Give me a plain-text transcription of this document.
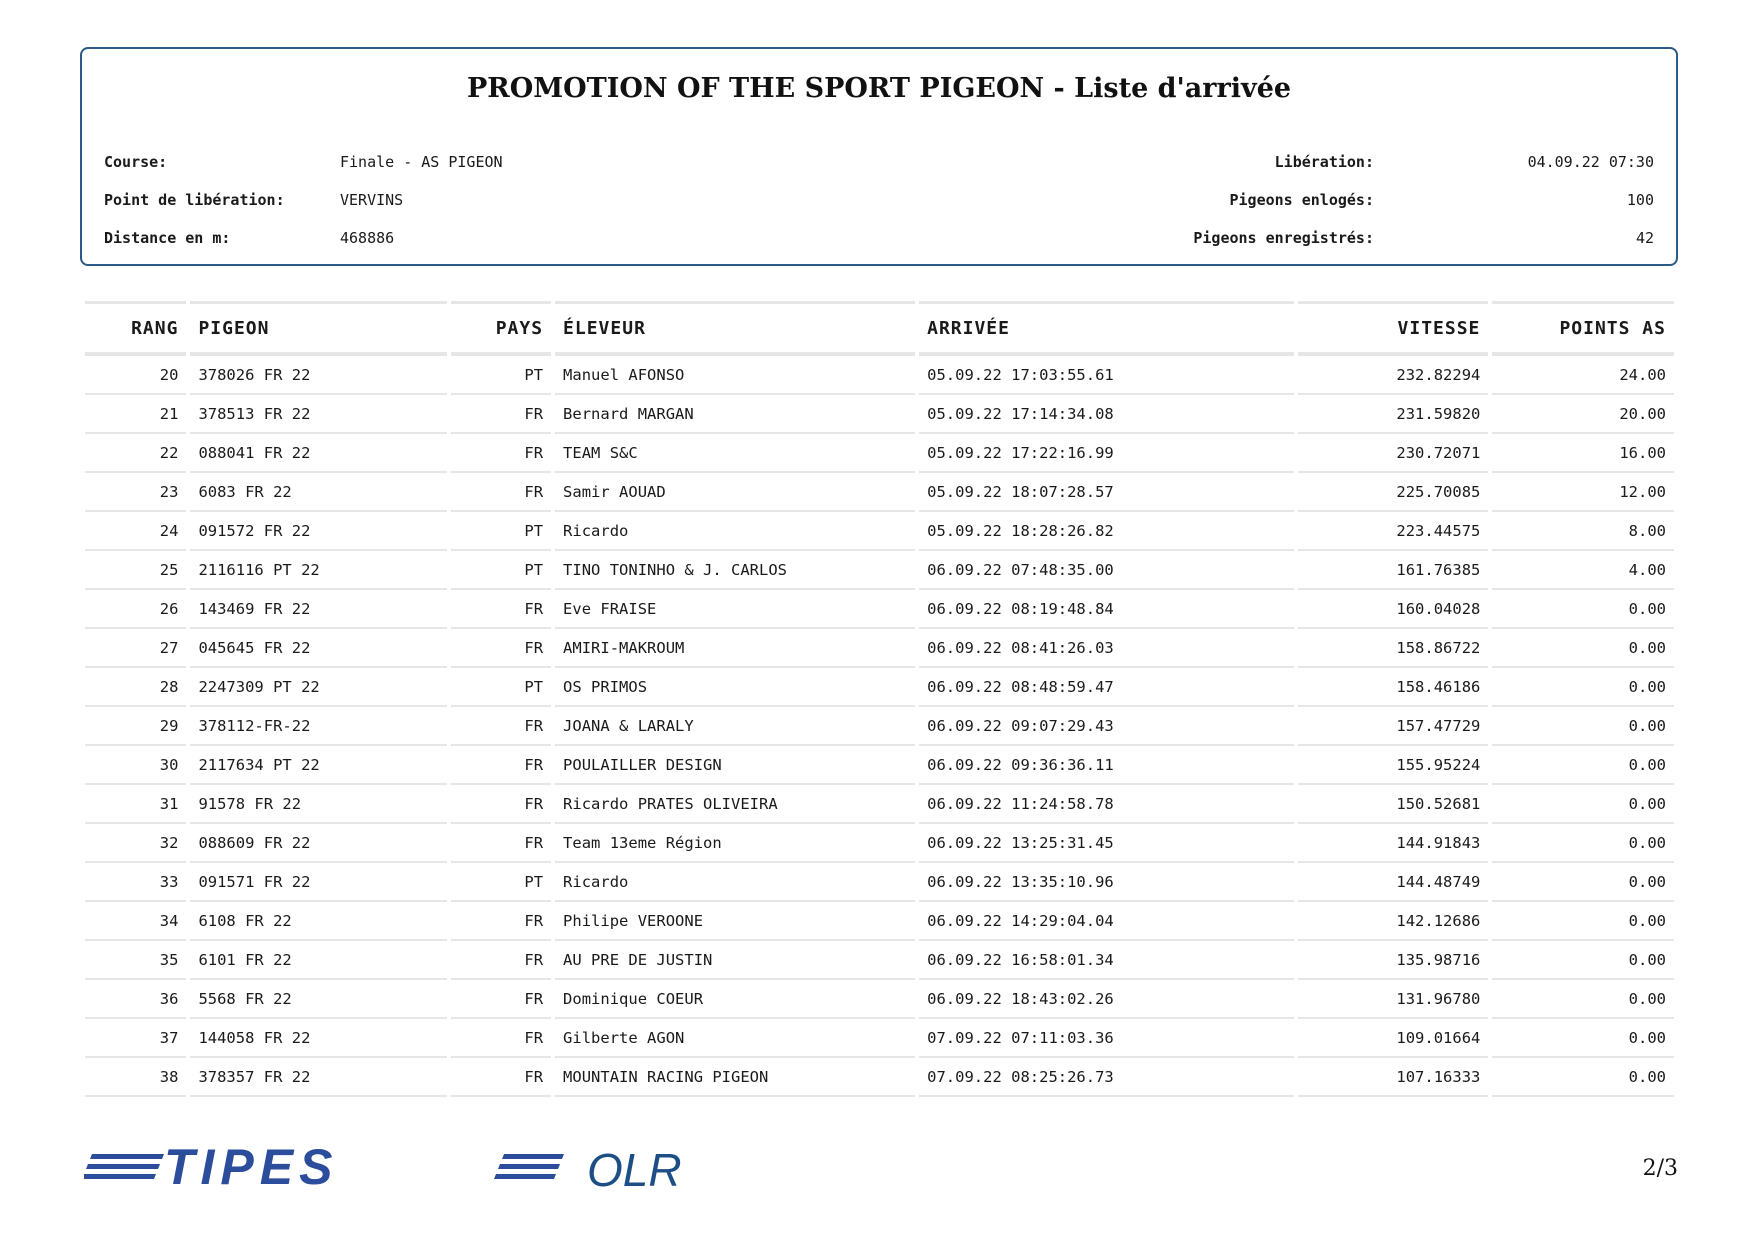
PROMOTION OF THE SPORT PIGEON - Liste d'arrivée
Course:	Finale - AS PIGEON
Point de libération:	VERVINS
Distance en m:	468886
Libération:	04.09.22 07:30
Pigeons enlogés:	100
Pigeons enregistrés:	42
RANG	PIGEON	PAYS	ÉLEVEUR	ARRIVÉE	VITESSE	POINTS AS
20	378026 FR 22	PT	Manuel AFONSO	05.09.22 17:03:55.61	232.82294	24.00
21	378513 FR 22	FR	Bernard MARGAN	05.09.22 17:14:34.08	231.59820	20.00
22	088041 FR 22	FR	TEAM S&C	05.09.22 17:22:16.99	230.72071	16.00
23	6083 FR 22	FR	Samir AOUAD	05.09.22 18:07:28.57	225.70085	12.00
24	091572 FR 22	PT	Ricardo	05.09.22 18:28:26.82	223.44575	8.00
25	2116116 PT 22	PT	TINO TONINHO & J. CARLOS	06.09.22 07:48:35.00	161.76385	4.00
26	143469 FR 22	FR	Eve FRAISE	06.09.22 08:19:48.84	160.04028	0.00
27	045645 FR 22	FR	AMIRI-MAKROUM	06.09.22 08:41:26.03	158.86722	0.00
28	2247309 PT 22	PT	OS PRIMOS	06.09.22 08:48:59.47	158.46186	0.00
29	378112-FR-22	FR	JOANA & LARALY	06.09.22 09:07:29.43	157.47729	0.00
30	2117634 PT 22	FR	POULAILLER DESIGN	06.09.22 09:36:36.11	155.95224	0.00
31	91578 FR 22	FR	Ricardo PRATES OLIVEIRA	06.09.22 11:24:58.78	150.52681	0.00
32	088609 FR 22	FR	Team 13eme Région	06.09.22 13:25:31.45	144.91843	0.00
33	091571 FR 22	PT	Ricardo	06.09.22 13:35:10.96	144.48749	0.00
34	6108 FR 22	FR	Philipe VEROONE	06.09.22 14:29:04.04	142.12686	0.00
35	6101 FR 22	FR	AU PRE DE JUSTIN	06.09.22 16:58:01.34	135.98716	0.00
36	5568 FR 22	FR	Dominique COEUR	06.09.22 18:43:02.26	131.96780	0.00
37	144058 FR 22	FR	Gilberte AGON	07.09.22 07:11:03.36	109.01664	0.00
38	378357 FR 22	FR	MOUNTAIN RACING PIGEON	07.09.22 08:25:26.73	107.16333	0.00
TIPES	OLR	2/3
